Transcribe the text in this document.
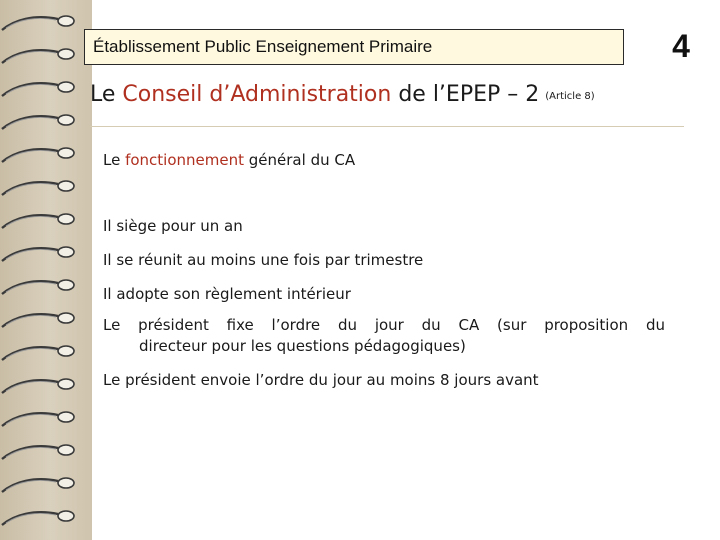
Établissement Public Enseignement Primaire	4
Le Conseil d’Administration de l’EPEP – 2 (Article 8)
Le fonctionnement général du CA

Il siège pour un an

Il se réunit au moins une fois par trimestre

Il adopte son règlement intérieur

Le président fixe l’ordre du jour du CA (sur proposition du
directeur pour les questions pédagogiques)

Le président envoie l’ordre du jour au moins 8 jours avant
